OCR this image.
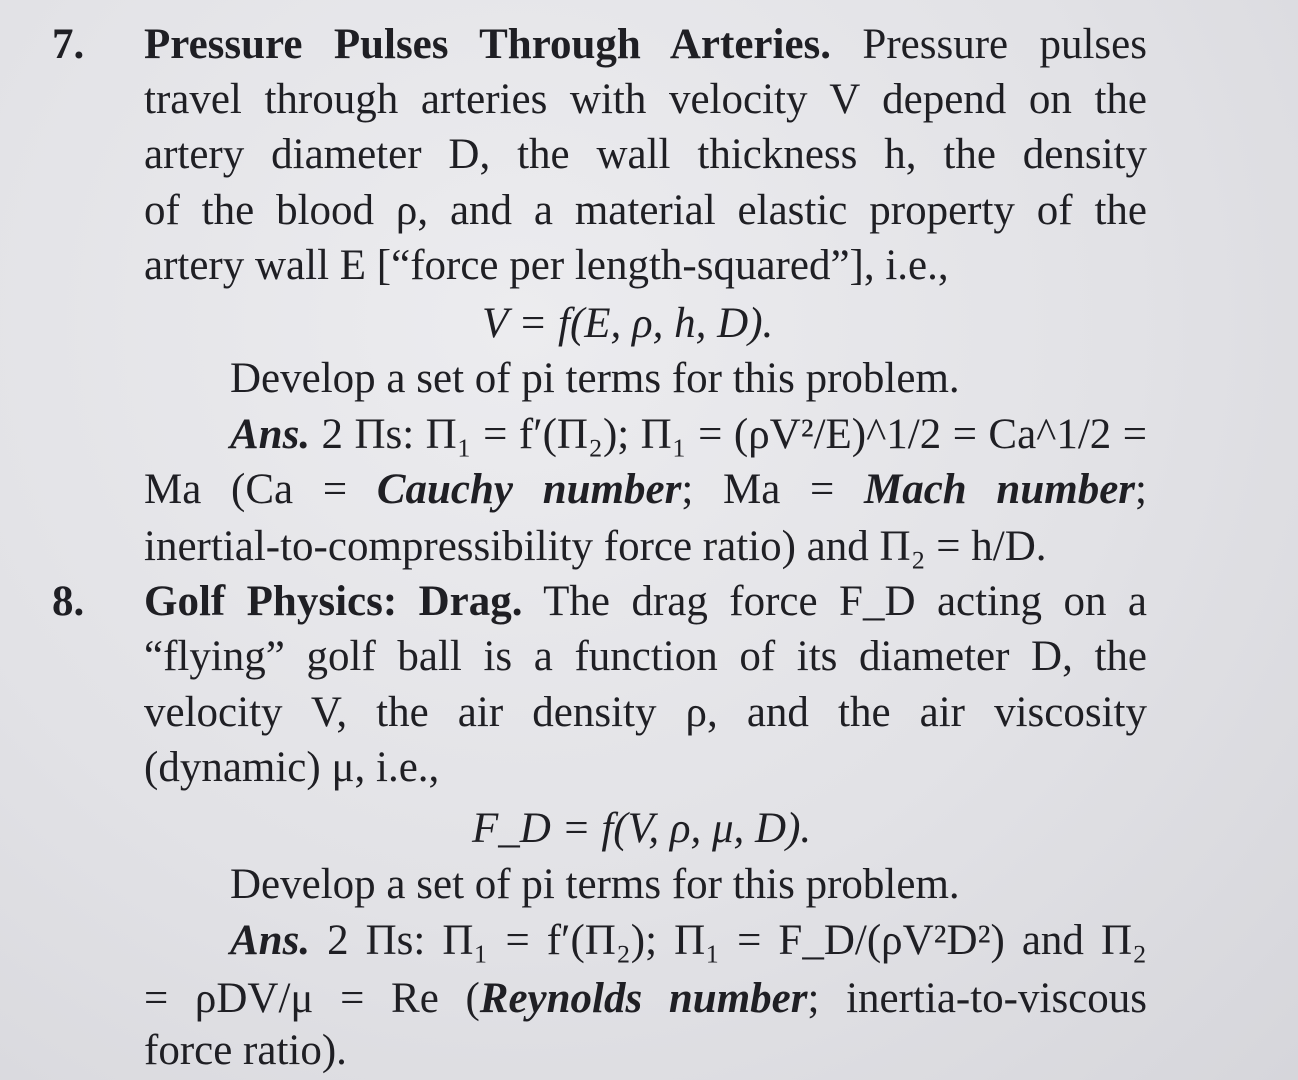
7. Pressure Pulses Through Arteries. Pressure pulses
travel through arteries with velocity V depend on the
artery diameter D, the wall thickness h, the density
of the blood ρ, and a material elastic property of the
artery wall E [“force per length-squared”], i.e.,
V = f(E, ρ, h, D).
Develop a set of pi terms for this problem.
Ans. 2 Πs: Π₁ = f′(Π₂); Π₁ = (ρV²/E)^1/2 = Ca^1/2 =
Ma (Ca = Cauchy number; Ma = Mach number;
inertial-to-compressibility force ratio) and Π₂ = h/D.
8. Golf Physics: Drag. The drag force F_D acting on a
“flying” golf ball is a function of its diameter D, the
velocity V, the air density ρ, and the air viscosity
(dynamic) μ, i.e.,
F_D = f(V, ρ, μ, D).
Develop a set of pi terms for this problem.
Ans. 2 Πs: Π₁ = f′(Π₂); Π₁ = F_D/(ρV²D²) and Π₂
= ρDV/μ = Re (Reynolds number; inertia-to-viscous
force ratio).
